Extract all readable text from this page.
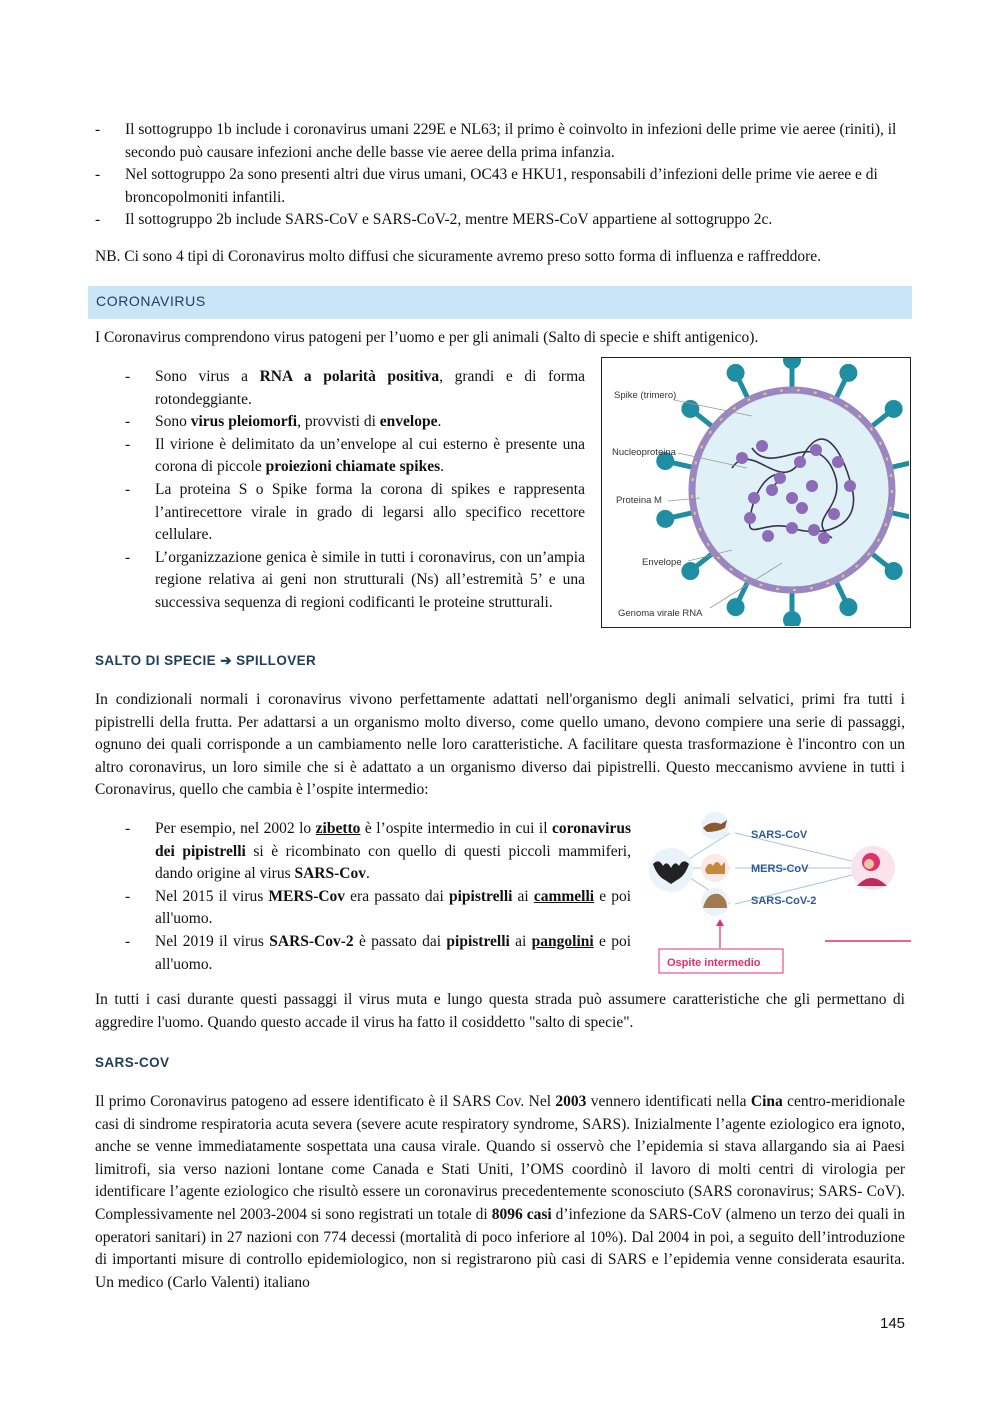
- Il sottogruppo 1b include i coronavirus umani 229E e NL63; il primo è coinvolto in infezioni delle prime vie aeree (riniti), il secondo può causare infezioni anche delle basse vie aeree della prima infanzia.
- Nel sottogruppo 2a sono presenti altri due virus umani, OC43 e HKU1, responsabili d’infezioni delle prime vie aeree e di broncopolmoniti infantili.
- Il sottogruppo 2b include SARS-CoV e SARS-CoV-2, mentre MERS-CoV appartiene al sottogruppo 2c.
NB. Ci sono 4 tipi di Coronavirus molto diffusi che sicuramente avremo preso sotto forma di influenza e raffreddore.
CORONAVIRUS
I Coronavirus comprendono virus patogeni per l’uomo e per gli animali (Salto di specie e shift antigenico).
- Sono virus a RNA a polarità positiva, grandi e di forma rotondeggiante.
- Sono virus pleiomorfi, provvisti di envelope.
- Il virione è delimitato da un’envelope al cui esterno è presente una corona di piccole proiezioni chiamate spikes.
- La proteina S o Spike forma la corona di spikes e rappresenta l’antirecettore virale in grado di legarsi allo specifico recettore cellulare.
- L’organizzazione genica è simile in tutti i coronavirus, con un’ampia regione relativa ai geni non strutturali (Ns) all’estremità 5’ e una successiva sequenza di regioni codificanti le proteine strutturali.
Spike (trimero)
Nucleoproteina
Proteina M
Envelope
Genoma virale RNA
SALTO DI SPECIE ➔ SPILLOVER
In condizionali normali i coronavirus vivono perfettamente adattati nell'organismo degli animali selvatici, primi fra tutti i pipistrelli della frutta. Per adattarsi a un organismo molto diverso, come quello umano, devono compiere una serie di passaggi, ognuno dei quali corrisponde a un cambiamento nelle loro caratteristiche. A facilitare questa trasformazione è l'incontro con un altro coronavirus, un loro simile che si è adattato a un organismo diverso dai pipistrelli. Questo meccanismo avviene in tutti i Coronavirus, quello che cambia è l’ospite intermedio:
- Per esempio, nel 2002 lo zibetto è l’ospite intermedio in cui il coronavirus dei pipistrelli si è ricombinato con quello di questi piccoli mammiferi, dando origine al virus SARS-Cov.
- Nel 2015 il virus MERS-Cov era passato dai pipistrelli ai cammelli e poi all'uomo.
- Nel 2019 il virus SARS-Cov-2 è passato dai pipistrelli ai pangolini e poi all'uomo.
SARS-CoV
MERS-CoV
SARS-CoV-2
Ospite intermedio
In tutti i casi durante questi passaggi il virus muta e lungo questa strada può assumere caratteristiche che gli permettano di aggredire l'uomo. Quando questo accade il virus ha fatto il cosiddetto "salto di specie".
SARS-COV
Il primo Coronavirus patogeno ad essere identificato è il SARS Cov. Nel 2003 vennero identificati nella Cina centro-meridionale casi di sindrome respiratoria acuta severa (severe acute respiratory syndrome, SARS). Inizialmente l’agente eziologico era ignoto, anche se venne immediatamente sospettata una causa virale. Quando si osservò che l’epidemia si stava allargando sia ai Paesi limitrofi, sia verso nazioni lontane come Canada e Stati Uniti, l’OMS coordinò il lavoro di molti centri di virologia per identificare l’agente eziologico che risultò essere un coronavirus precedentemente sconosciuto (SARS coronavirus; SARS- CoV). Complessivamente nel 2003-2004 si sono registrati un totale di 8096 casi d’infezione da SARS-CoV (almeno un terzo dei quali in operatori sanitari) in 27 nazioni con 774 decessi (mortalità di poco inferiore al 10%). Dal 2004 in poi, a seguito dell’introduzione di importanti misure di controllo epidemiologico, non si registrarono più casi di SARS e l’epidemia venne considerata esaurita. Un medico (Carlo Valenti) italiano
145
